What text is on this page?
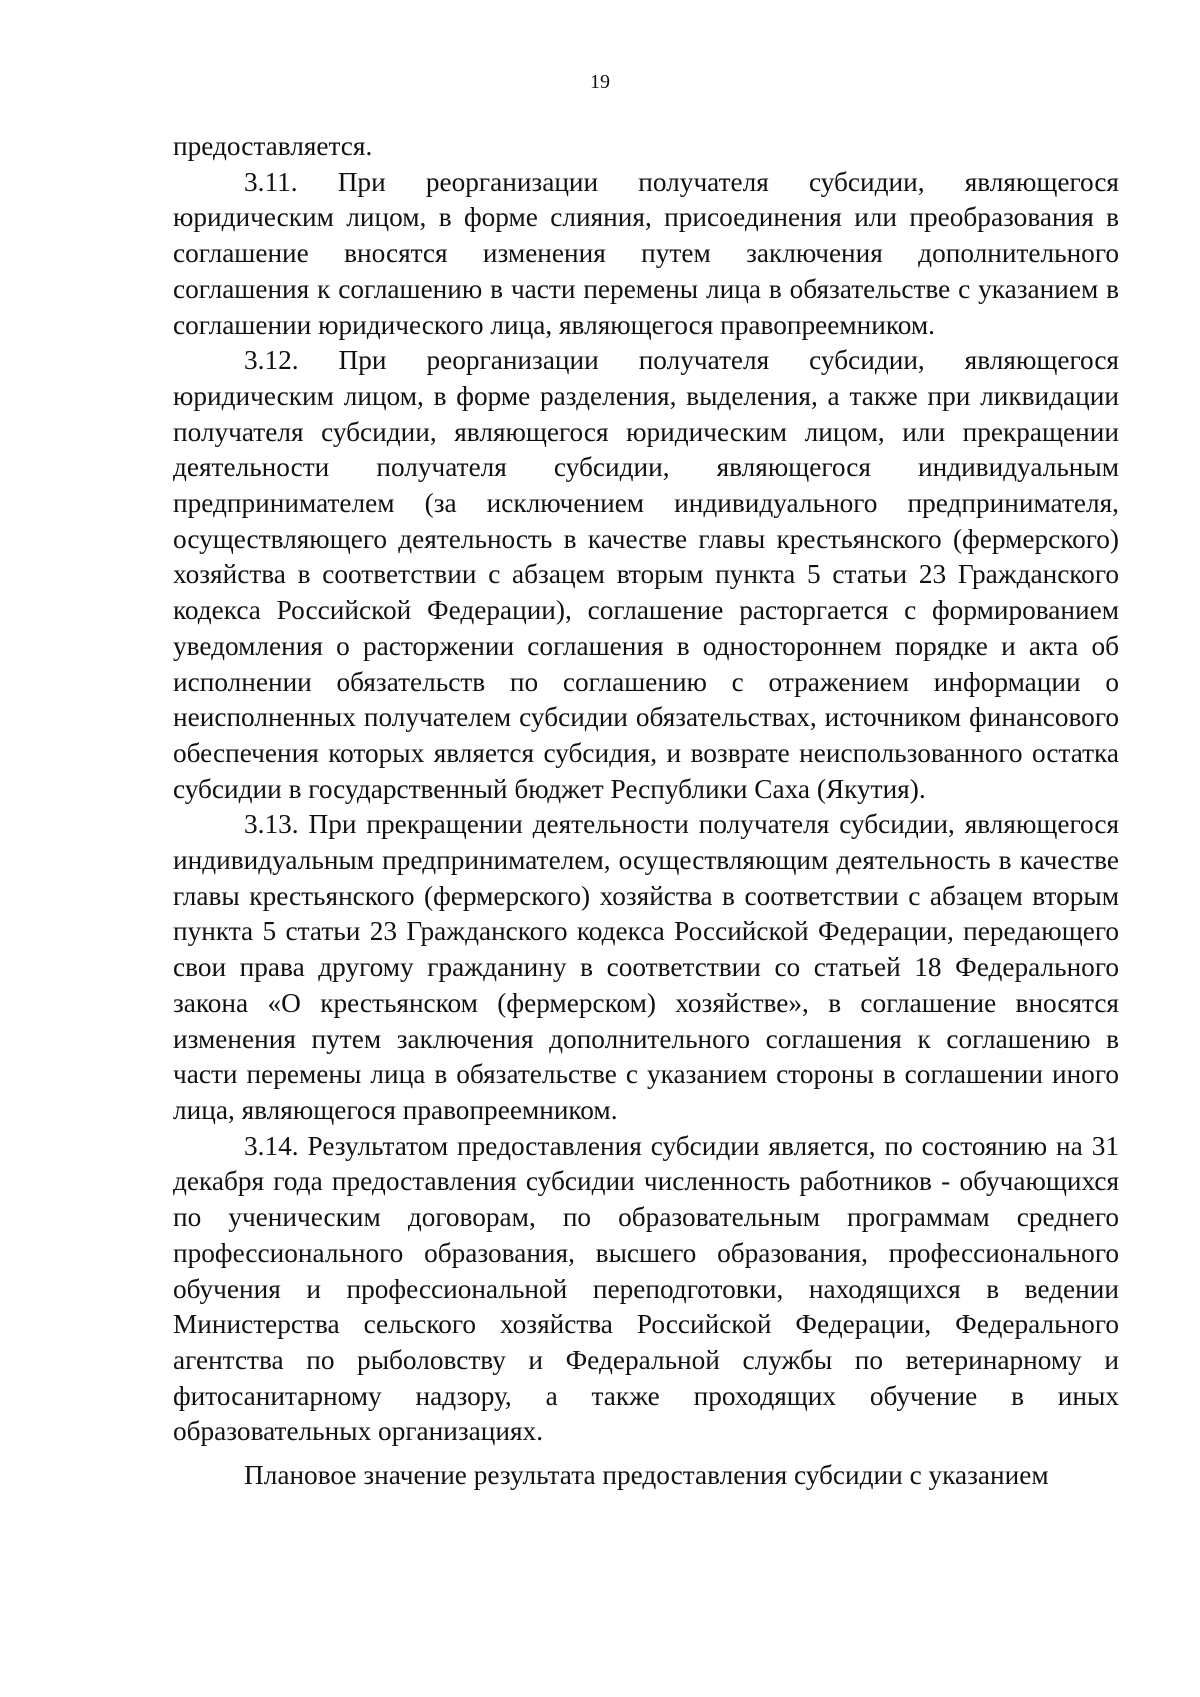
19

предоставляется.

3.11. При реорганизации получателя субсидии, являющегося юридическим лицом, в форме слияния, присоединения или преобразования в соглашение вносятся изменения путем заключения дополнительного соглашения к соглашению в части перемены лица в обязательстве с указанием в соглашении юридического лица, являющегося правопреемником.

3.12. При реорганизации получателя субсидии, являющегося юридическим лицом, в форме разделения, выделения, а также при ликвидации получателя субсидии, являющегося юридическим лицом, или прекращении деятельности получателя субсидии, являющегося индивидуальным предпринимателем (за исключением индивидуального предпринимателя, осуществляющего деятельность в качестве главы крестьянского (фермерского) хозяйства в соответствии с абзацем вторым пункта 5 статьи 23 Гражданского кодекса Российской Федерации), соглашение расторгается с формированием уведомления о расторжении соглашения в одностороннем порядке и акта об исполнении обязательств по соглашению с отражением информации о неисполненных получателем субсидии обязательствах, источником финансового обеспечения которых является субсидия, и возврате неиспользованного остатка субсидии в государственный бюджет Республики Саха (Якутия).

3.13. При прекращении деятельности получателя субсидии, являющегося индивидуальным предпринимателем, осуществляющим деятельность в качестве главы крестьянского (фермерского) хозяйства в соответствии с абзацем вторым пункта 5 статьи 23 Гражданского кодекса Российской Федерации, передающего свои права другому гражданину в соответствии со статьей 18 Федерального закона «О крестьянском (фермерском) хозяйстве», в соглашение вносятся изменения путем заключения дополнительного соглашения к соглашению в части перемены лица в обязательстве с указанием стороны в соглашении иного лица, являющегося правопреемником.

3.14. Результатом предоставления субсидии является, по состоянию на 31 декабря года предоставления субсидии численность работников - обучающихся по ученическим договорам, по образовательным программам среднего профессионального образования, высшего образования, профессионального обучения и профессиональной переподготовки, находящихся в ведении Министерства сельского хозяйства Российской Федерации, Федерального агентства по рыболовству и Федеральной службы по ветеринарному и фитосанитарному надзору, а также проходящих обучение в иных образовательных организациях.

Плановое значение результата предоставления субсидии с указанием
